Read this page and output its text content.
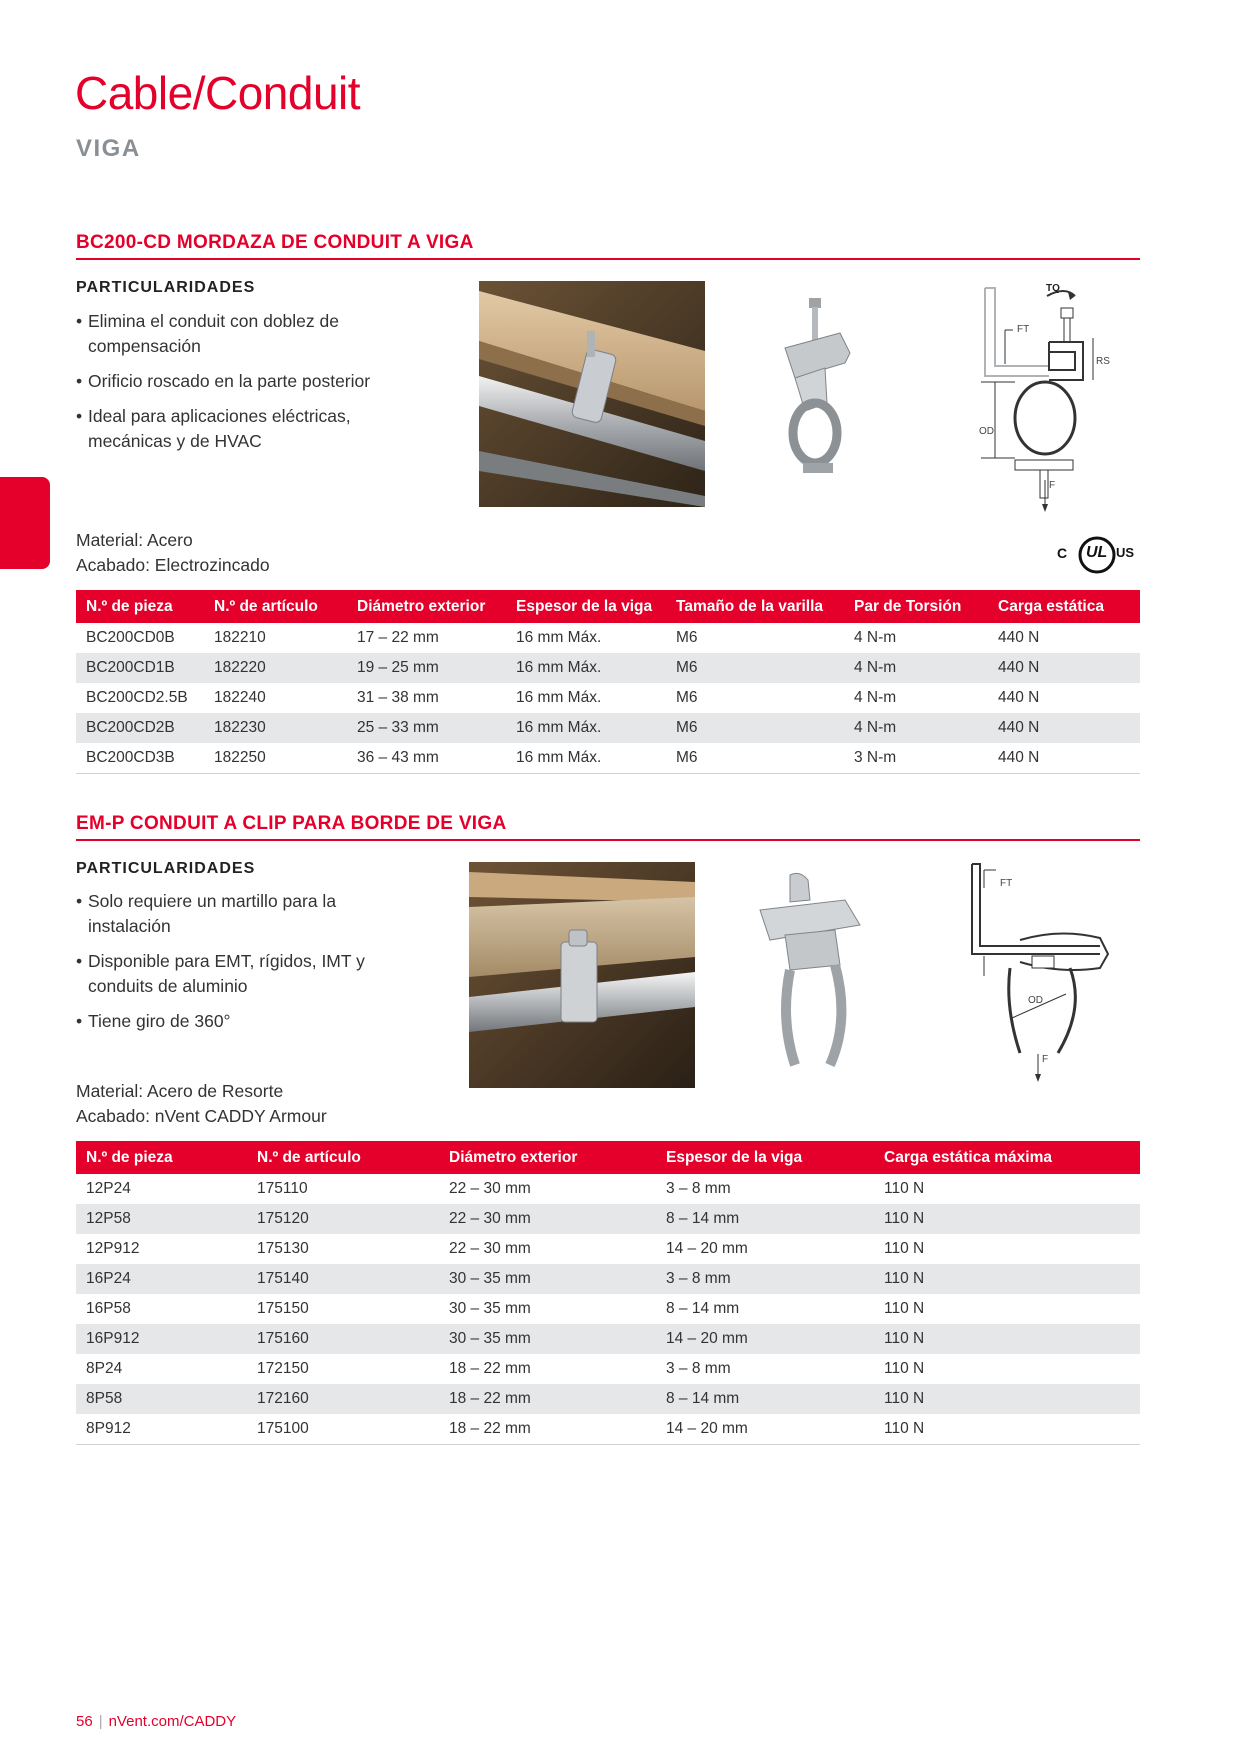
Cable/Conduit
VIGA
BC200-CD MORDAZA DE CONDUIT A VIGA
PARTICULARIDADES
• Elimina el conduit con doblez de compensación
• Orificio roscado en la parte posterior
• Ideal para aplicaciones eléctricas, mecánicas y de HVAC
TQ
FT
RS
OD
F
Material: Acero
Acabado: Electrozincado
C UL US
N.º de pieza	N.º de artículo	Diámetro exterior	Espesor de la viga	Tamaño de la varilla	Par de Torsión	Carga estática
BC200CD0B	182210	17 – 22 mm	16 mm Máx.	M6	4 N-m	440 N
BC200CD1B	182220	19 – 25 mm	16 mm Máx.	M6	4 N-m	440 N
BC200CD2.5B	182240	31 – 38 mm	16 mm Máx.	M6	4 N-m	440 N
BC200CD2B	182230	25 – 33 mm	16 mm Máx.	M6	4 N-m	440 N
BC200CD3B	182250	36 – 43 mm	16 mm Máx.	M6	3 N-m	440 N
EM-P CONDUIT A CLIP PARA BORDE DE VIGA
PARTICULARIDADES
• Solo requiere un martillo para la instalación
• Disponible para EMT, rígidos, IMT y conduits de aluminio
• Tiene giro de 360°
FT
OD
F
Material: Acero de Resorte
Acabado: nVent CADDY Armour
N.º de pieza	N.º de artículo	Diámetro exterior	Espesor de la viga	Carga estática máxima
12P24	175110	22 – 30 mm	3 – 8 mm	110 N
12P58	175120	22 – 30 mm	8 – 14 mm	110 N
12P912	175130	22 – 30 mm	14 – 20 mm	110 N
16P24	175140	30 – 35 mm	3 – 8 mm	110 N
16P58	175150	30 – 35 mm	8 – 14 mm	110 N
16P912	175160	30 – 35 mm	14 – 20 mm	110 N
8P24	172150	18 – 22 mm	3 – 8 mm	110 N
8P58	172160	18 – 22 mm	8 – 14 mm	110 N
8P912	175100	18 – 22 mm	14 – 20 mm	110 N
56 | nVent.com/CADDY
